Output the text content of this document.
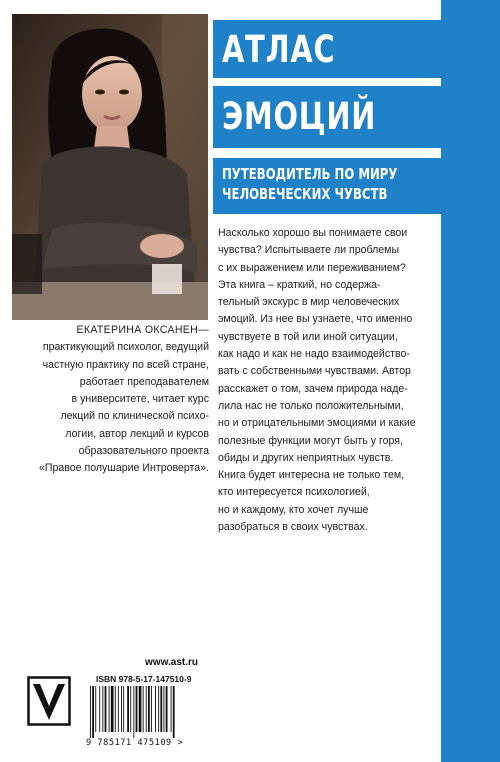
АТЛАС
ЭМОЦИЙ
ПУТЕВОДИТЕЛЬ ПО МИРУ
ЧЕЛОВЕЧЕСКИХ ЧУВСТВ
Насколько хорошо вы понимаете свои
чувства? Испытываете ли проблемы
с их выражением или переживанием?
Эта книга – краткий, но содержа-
тельный экскурс в мир человеческих
эмоций. Из нее вы узнаете, что именно
чувствуете в той или иной ситуации,
как надо и как не надо взаимодейство-
вать с собственными чувствами. Автор
расскажет о том, зачем природа наде-
лила нас не только положительными,
но и отрицательными эмоциями и какие
полезные функции могут быть у горя,
обиды и других неприятных чувств.
Книга будет интересна не только тем,
кто интересуется психологией,
но и каждому, кто хочет лучше
разобраться в своих чувствах.
ЕКАТЕРИНА ОКСАНЕН—
практикующий психолог, ведущий
частную практику по всей стране,
работает преподавателем
в университете, читает курс
лекций по клинической психо-
логии, автор лекций и курсов
образовательного проекта
«Правое полушарие Интроверта».
www.ast.ru
ISBN 978-5-17-147510-9
9 785171 475109 >
